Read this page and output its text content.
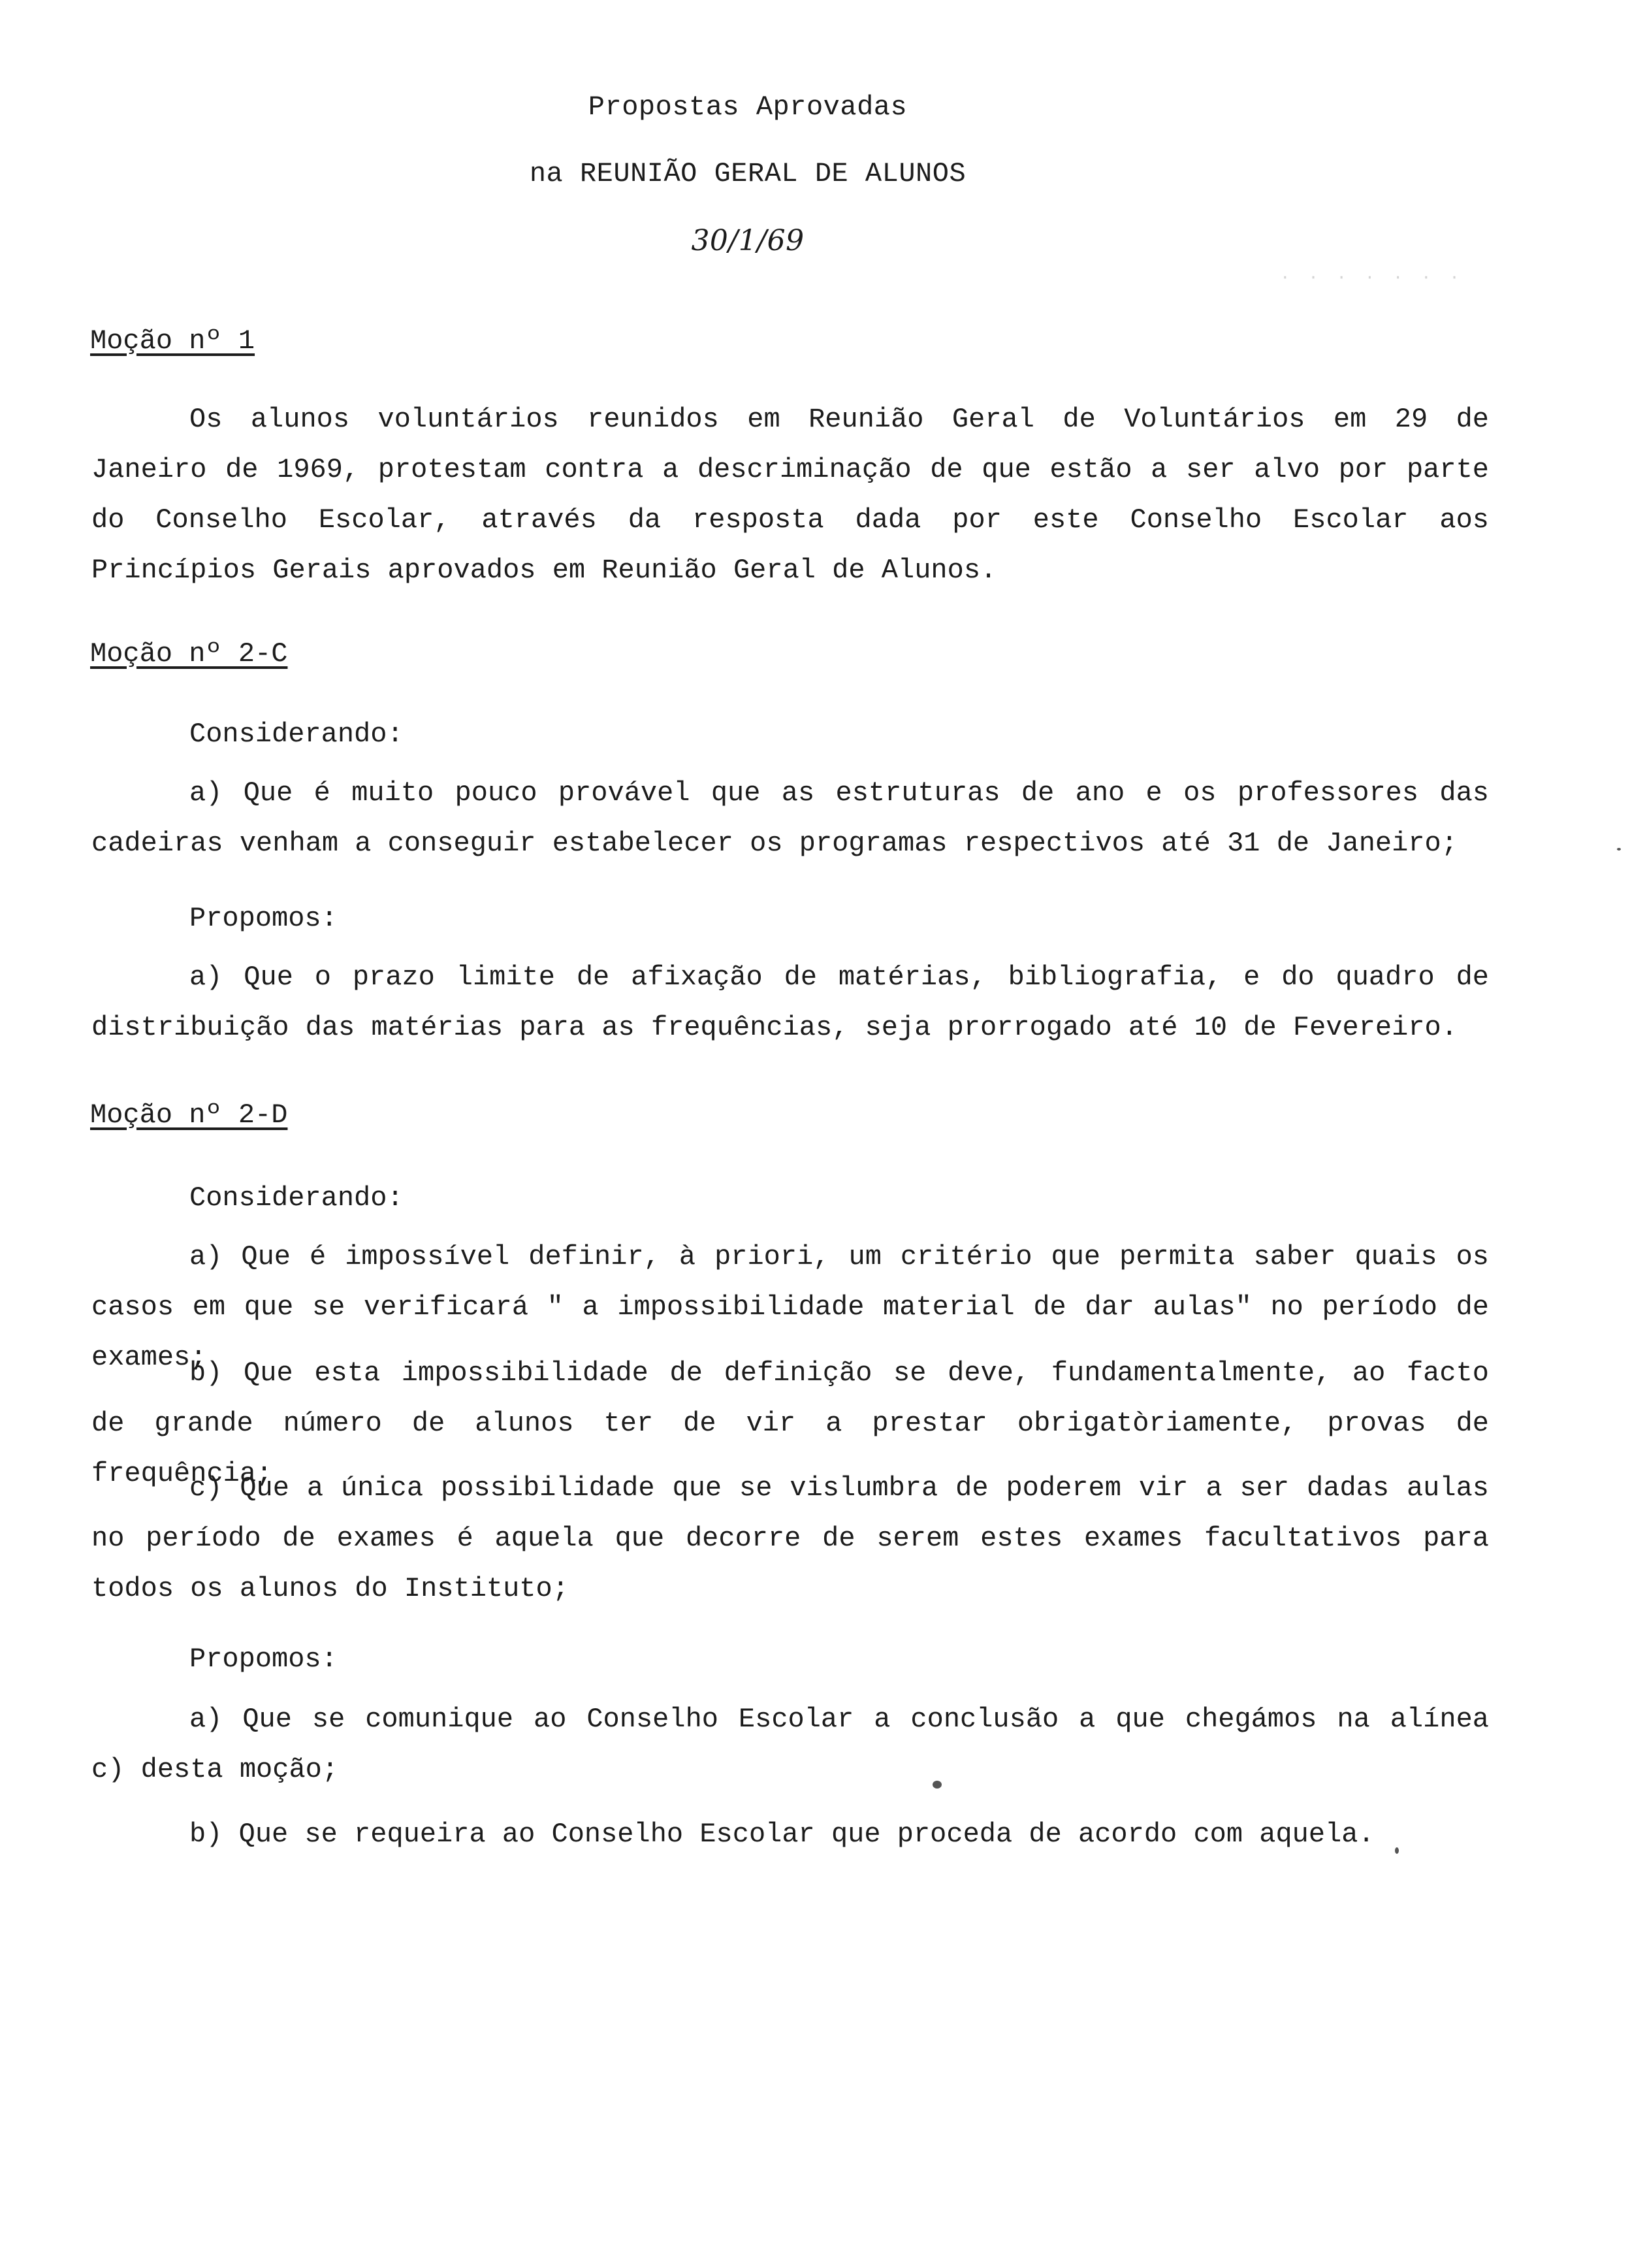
Propostas Aprovadas
na REUNIÃO GERAL DE ALUNOS
30/1/69
· · · · · · ·
Moção nº 1
Os alunos voluntários reunidos em Reunião Geral de Voluntários em 29 de Janeiro de 1969, protestam contra a descriminação de que estão a ser alvo por parte do Conselho Escolar, através da resposta dada por este Conselho Escolar aos Princípios Gerais aprovados em Reunião Geral de Alunos.
Moção nº 2-C
Considerando:
a) Que é muito pouco provável que as estruturas de ano e os professores das cadeiras venham a conseguir estabelecer os programas respectivos até 31 de Janeiro;
Propomos:
a) Que o prazo limite de afixação de matérias, bibliografia, e do quadro de distribuição das matérias para as frequências, seja prorrogado até 10 de Fevereiro.
Moção nº 2-D
Considerando:
a) Que é impossível definir, à priori, um critério que permita saber quais os casos em que se verificará " a impossibilidade material de dar aulas" no período de exames;
b) Que esta impossibilidade de definição se deve, fundamentalmente, ao facto de grande número de alunos ter de vir a prestar obrigatòriamente, provas de frequência;
c) Que a única possibilidade que se vislumbra de poderem vir a ser dadas aulas no período de exames é aquela que decorre de serem estes exames facultativos para todos os alunos do Instituto;
Propomos:
a) Que se comunique ao Conselho Escolar a conclusão a que chegámos na alínea c) desta moção;
b) Que se requeira ao Conselho Escolar que proceda de acordo com aquela.
